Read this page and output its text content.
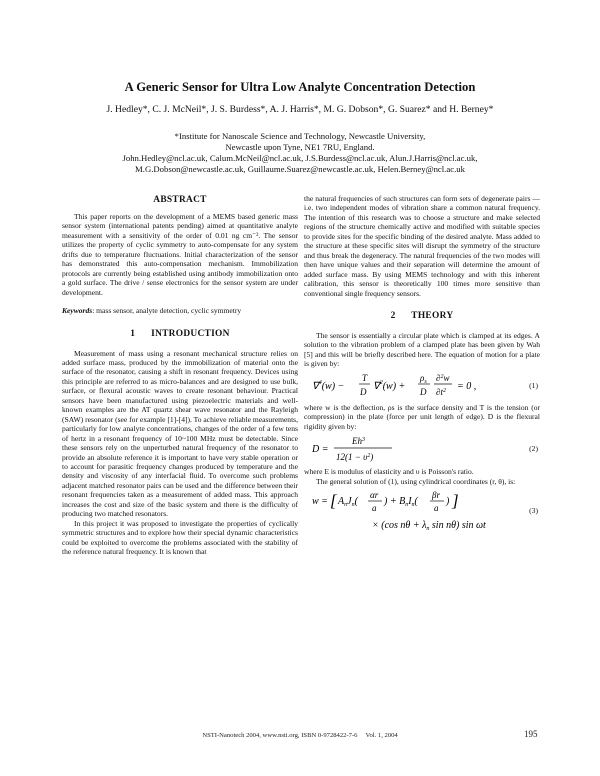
A Generic Sensor for Ultra Low Analyte Concentration Detection
J. Hedley*, C. J. McNeil*, J. S. Burdess*, A. J. Harris*, M. G. Dobson*, G. Suarez* and H. Berney*
*Institute for Nanoscale Science and Technology, Newcastle University,
Newcastle upon Tyne, NE1 7RU, England.
John.Hedley@ncl.ac.uk, Calum.McNeil@ncl.ac.uk, J.S.Burdess@ncl.ac.uk, Alun.J.Harris@ncl.ac.uk,
M.G.Dobson@newcastle.ac.uk, Guillaume.Suarez@newcastle.ac.uk, Helen.Berney@ncl.ac.uk
ABSTRACT

This paper reports on the development of a MEMS based generic mass sensor system (international patents pending) aimed at quantitative analyte measurement with a sensitivity of the order of 0.01 ng cm⁻². The sensor utilizes the property of cyclic symmetry to auto-compensate for any system drifts due to temperature fluctuations. Initial characterization of the sensor has demonstrated this auto-compensation mechanism. Immobilization protocols are currently being established using antibody immobilization onto a gold surface. The drive / sense electronics for the sensor system are under development.

Keywords: mass sensor, analyte detection, cyclic symmetry

1      INTRODUCTION

Measurement of mass using a resonant mechanical structure relies on added surface mass, produced by the immobilization of material onto the surface of the resonator, causing a shift in resonant frequency. Devices using this principle are referred to as micro-balances and are designed to use bulk, surface, or flexural acoustic waves to create resonant behaviour. Practical sensors have been manufactured using piezoelectric materials and well-known examples are the AT quartz shear wave resonator and the Rayleigh (SAW) resonator (see for example [1]-[4]). To achieve reliable measurements, particularly for low analyte concentrations, changes of the order of a few tens of hertz in a resonant frequency of 10~100 MHz must be detectable. Since these sensors rely on the unperturbed natural frequency of the resonator to provide an absolute reference it is important to have very stable operation or to account for parasitic frequency changes produced by temperature and the density and viscosity of any interfacial fluid. To overcome such problems adjacent matched resonator pairs can be used and the difference between their resonant frequencies taken as a measurement of added mass. This approach increases the cost and size of the basic system and there is the difficulty of producing two matched resonators.

In this project it was proposed to investigate the properties of cyclically symmetric structures and to explore how their special dynamic characteristics could be exploited to overcome the problems associated with the stability of the reference natural frequency. It is known that

the natural frequencies of such structures can form sets of degenerate pairs — i.e. two independent modes of vibration share a common natural frequency. The intention of this research was to choose a structure and make selected regions of the structure chemically active and modified with suitable species to provide sites for the specific binding of the desired analyte. Mass added to the structure at these specific sites will disrupt the symmetry of the structure and thus break the degeneracy. The natural frequencies of the two modes will then have unique values and their separation will determine the amount of added surface mass. By using MEMS technology and with this inherent calibration, this sensor is theoretically 100 times more sensitive than conventional single frequency sensors.

2      THEORY

The sensor is essentially a circular plate which is clamped at its edges. A solution to the vibration problem of a clamped plate has been given by Wah [5] and this will be briefly described here. The equation of motion for a plate is given by:

∇$^4$(w) −
T
D ∇$^2$(w) +
$\rho_s$
D
∂$^2$w
$\partial t^2 = 0$ ,	(1)

where w is the deflection, ρs is the surface density and T is the tension (or compression) in the plate (force per unit length of edge). D is the flexural rigidity given by:

D =
$Eh^3$
$12(1 - \upsilon^2)$
(2)

where E is modulus of elasticity and υ is Poisson's ratio.

The general solution of (1), using cylindrical coordinates (r, θ), is:

w = [ $A_nJ_n$(
αr
a
) + $B_nI_n$(
βr
a
) ]
× (cos $n\theta + \lambda_n$ sin nθ) sin ωt
(3)
NSTI-Nanotech 2004, www.nsti.org, ISBN 0-9728422-7-6     Vol. 1, 2004	195
